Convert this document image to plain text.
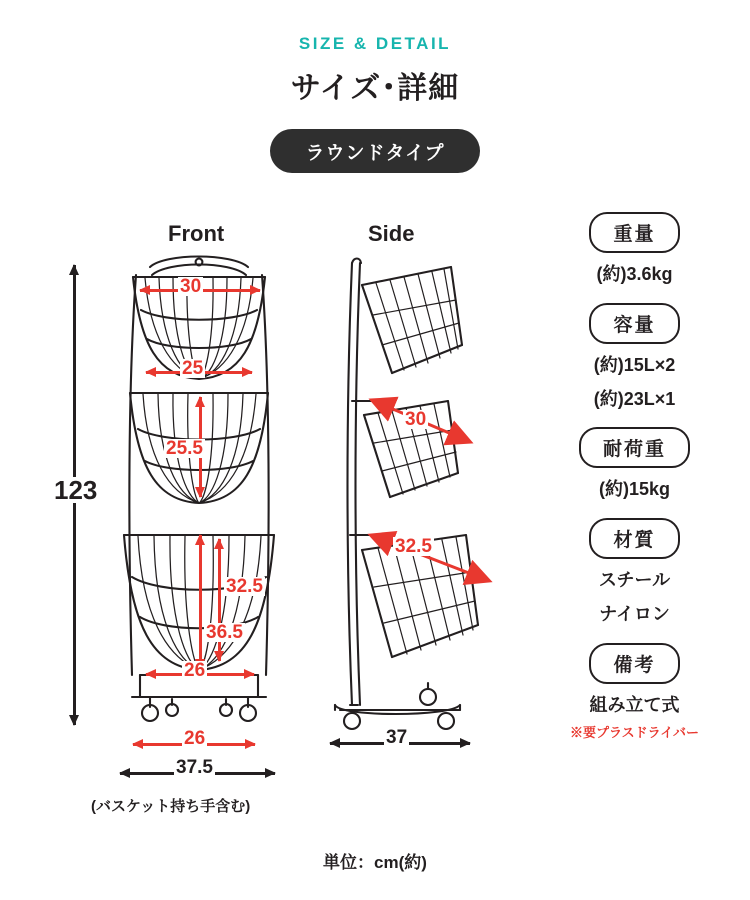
SIZE & DETAIL
サイズ･詳細
ラウンドタイプ
Front	Side
30
25
25.5
32.5
36.5
26
26
123
37.5
(バスケット持ち手含む)
30
32.5
37
重量
(約)3.6kg
容量
(約)15L×2
(約)23L×1
耐荷重
(約)15kg
材質
スチール
ナイロン
備考
組み立て式
※要プラスドライバー
単位：cm(約)
